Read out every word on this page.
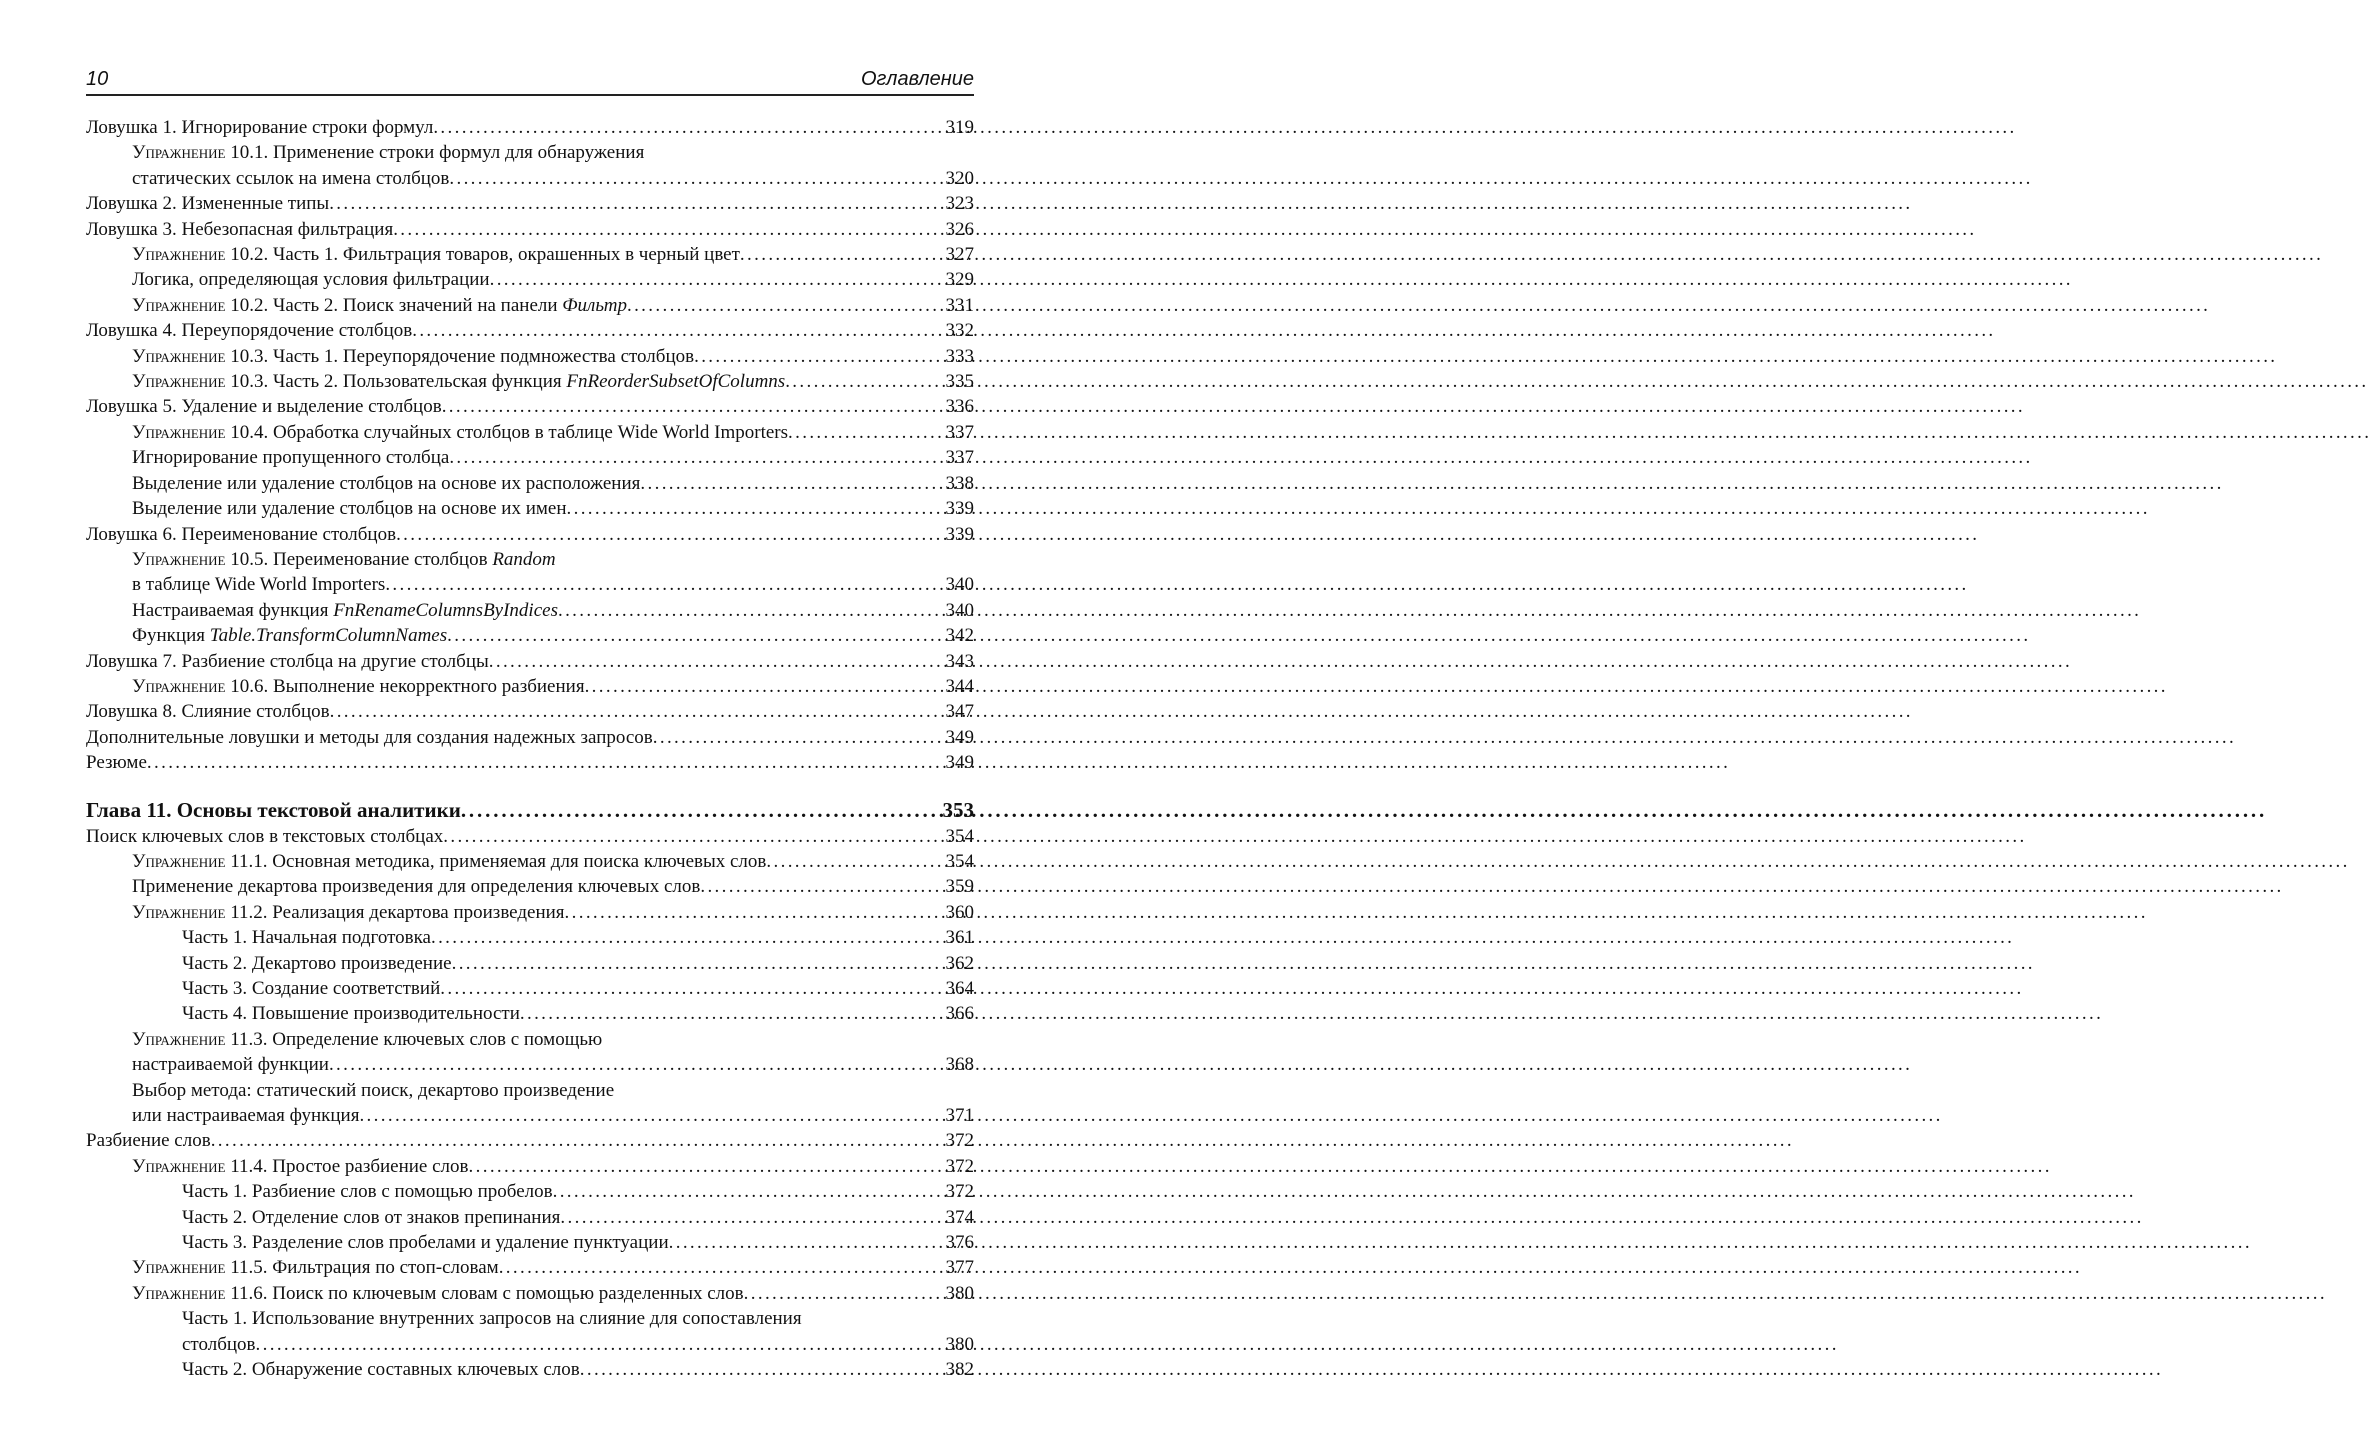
10	Оглавление
Ловушка 1. Игнорирование строки формул . . .	319
Упражнение 10.1. Применение строки формул для обнаружения
статических ссылок на имена столбцов . . .	320
Ловушка 2. Измененные типы . . .	323
Ловушка 3. Небезопасная фильтрация . . .	326
Упражнение 10.2. Часть 1. Фильтрация товаров, окрашенных в черный цвет . . .	327
Логика, определяющая условия фильтрации . . .	329
Упражнение 10.2. Часть 2. Поиск значений на панели Фильтр . . .	331
Ловушка 4. Переупорядочение столбцов . . .	332
Упражнение 10.3. Часть 1. Переупорядочение подмножества столбцов . . .	333
Упражнение 10.3. Часть 2. Пользовательская функция FnReorderSubsetOfColumns . . .	335
Ловушка 5. Удаление и выделение столбцов . . .	336
Упражнение 10.4. Обработка случайных столбцов в таблице Wide World Importers . . .	337
Игнорирование пропущенного столбца . . .	337
Выделение или удаление столбцов на основе их расположения . . .	338
Выделение или удаление столбцов на основе их имен . . .	339
Ловушка 6. Переименование столбцов . . .	339
Упражнение 10.5. Переименование столбцов Random
в таблице Wide World Importers . . .	340
Настраиваемая функция FnRenameColumnsByIndices . . .	340
Функция Table.TransformColumnNames . . .	342
Ловушка 7. Разбиение столбца на другие столбцы . . .	343
Упражнение 10.6. Выполнение некорректного разбиения . . .	344
Ловушка 8. Слияние столбцов . . .	347
Дополнительные ловушки и методы для создания надежных запросов . . .	349
Резюме . . .	349
Глава 11. Основы текстовой аналитики . . .	353
Поиск ключевых слов в текстовых столбцах . . .	354
Упражнение 11.1. Основная методика, применяемая для поиска ключевых слов . . .	354
Применение декартова произведения для определения ключевых слов . . .	359
Упражнение 11.2. Реализация декартова произведения . . .	360
Часть 1. Начальная подготовка . . .	361
Часть 2. Декартово произведение . . .	362
Часть 3. Создание соответствий . . .	364
Часть 4. Повышение производительности . . .	366
Упражнение 11.3. Определение ключевых слов с помощью
настраиваемой функции . . .	368
Выбор метода: статический поиск, декартово произведение
или настраиваемая функция . . .	371
Разбиение слов . . .	372
Упражнение 11.4. Простое разбиение слов . . .	372
Часть 1. Разбиение слов с помощью пробелов . . .	372
Часть 2. Отделение слов от знаков препинания . . .	374
Часть 3. Разделение слов пробелами и удаление пунктуации . . .	376
Упражнение 11.5. Фильтрация по стоп-словам . . .	377
Упражнение 11.6. Поиск по ключевым словам с помощью разделенных слов . . .	380
Часть 1. Использование внутренних запросов на слияние для сопоставления
столбцов . . .	380
Часть 2. Обнаружение составных ключевых слов . . .	382
